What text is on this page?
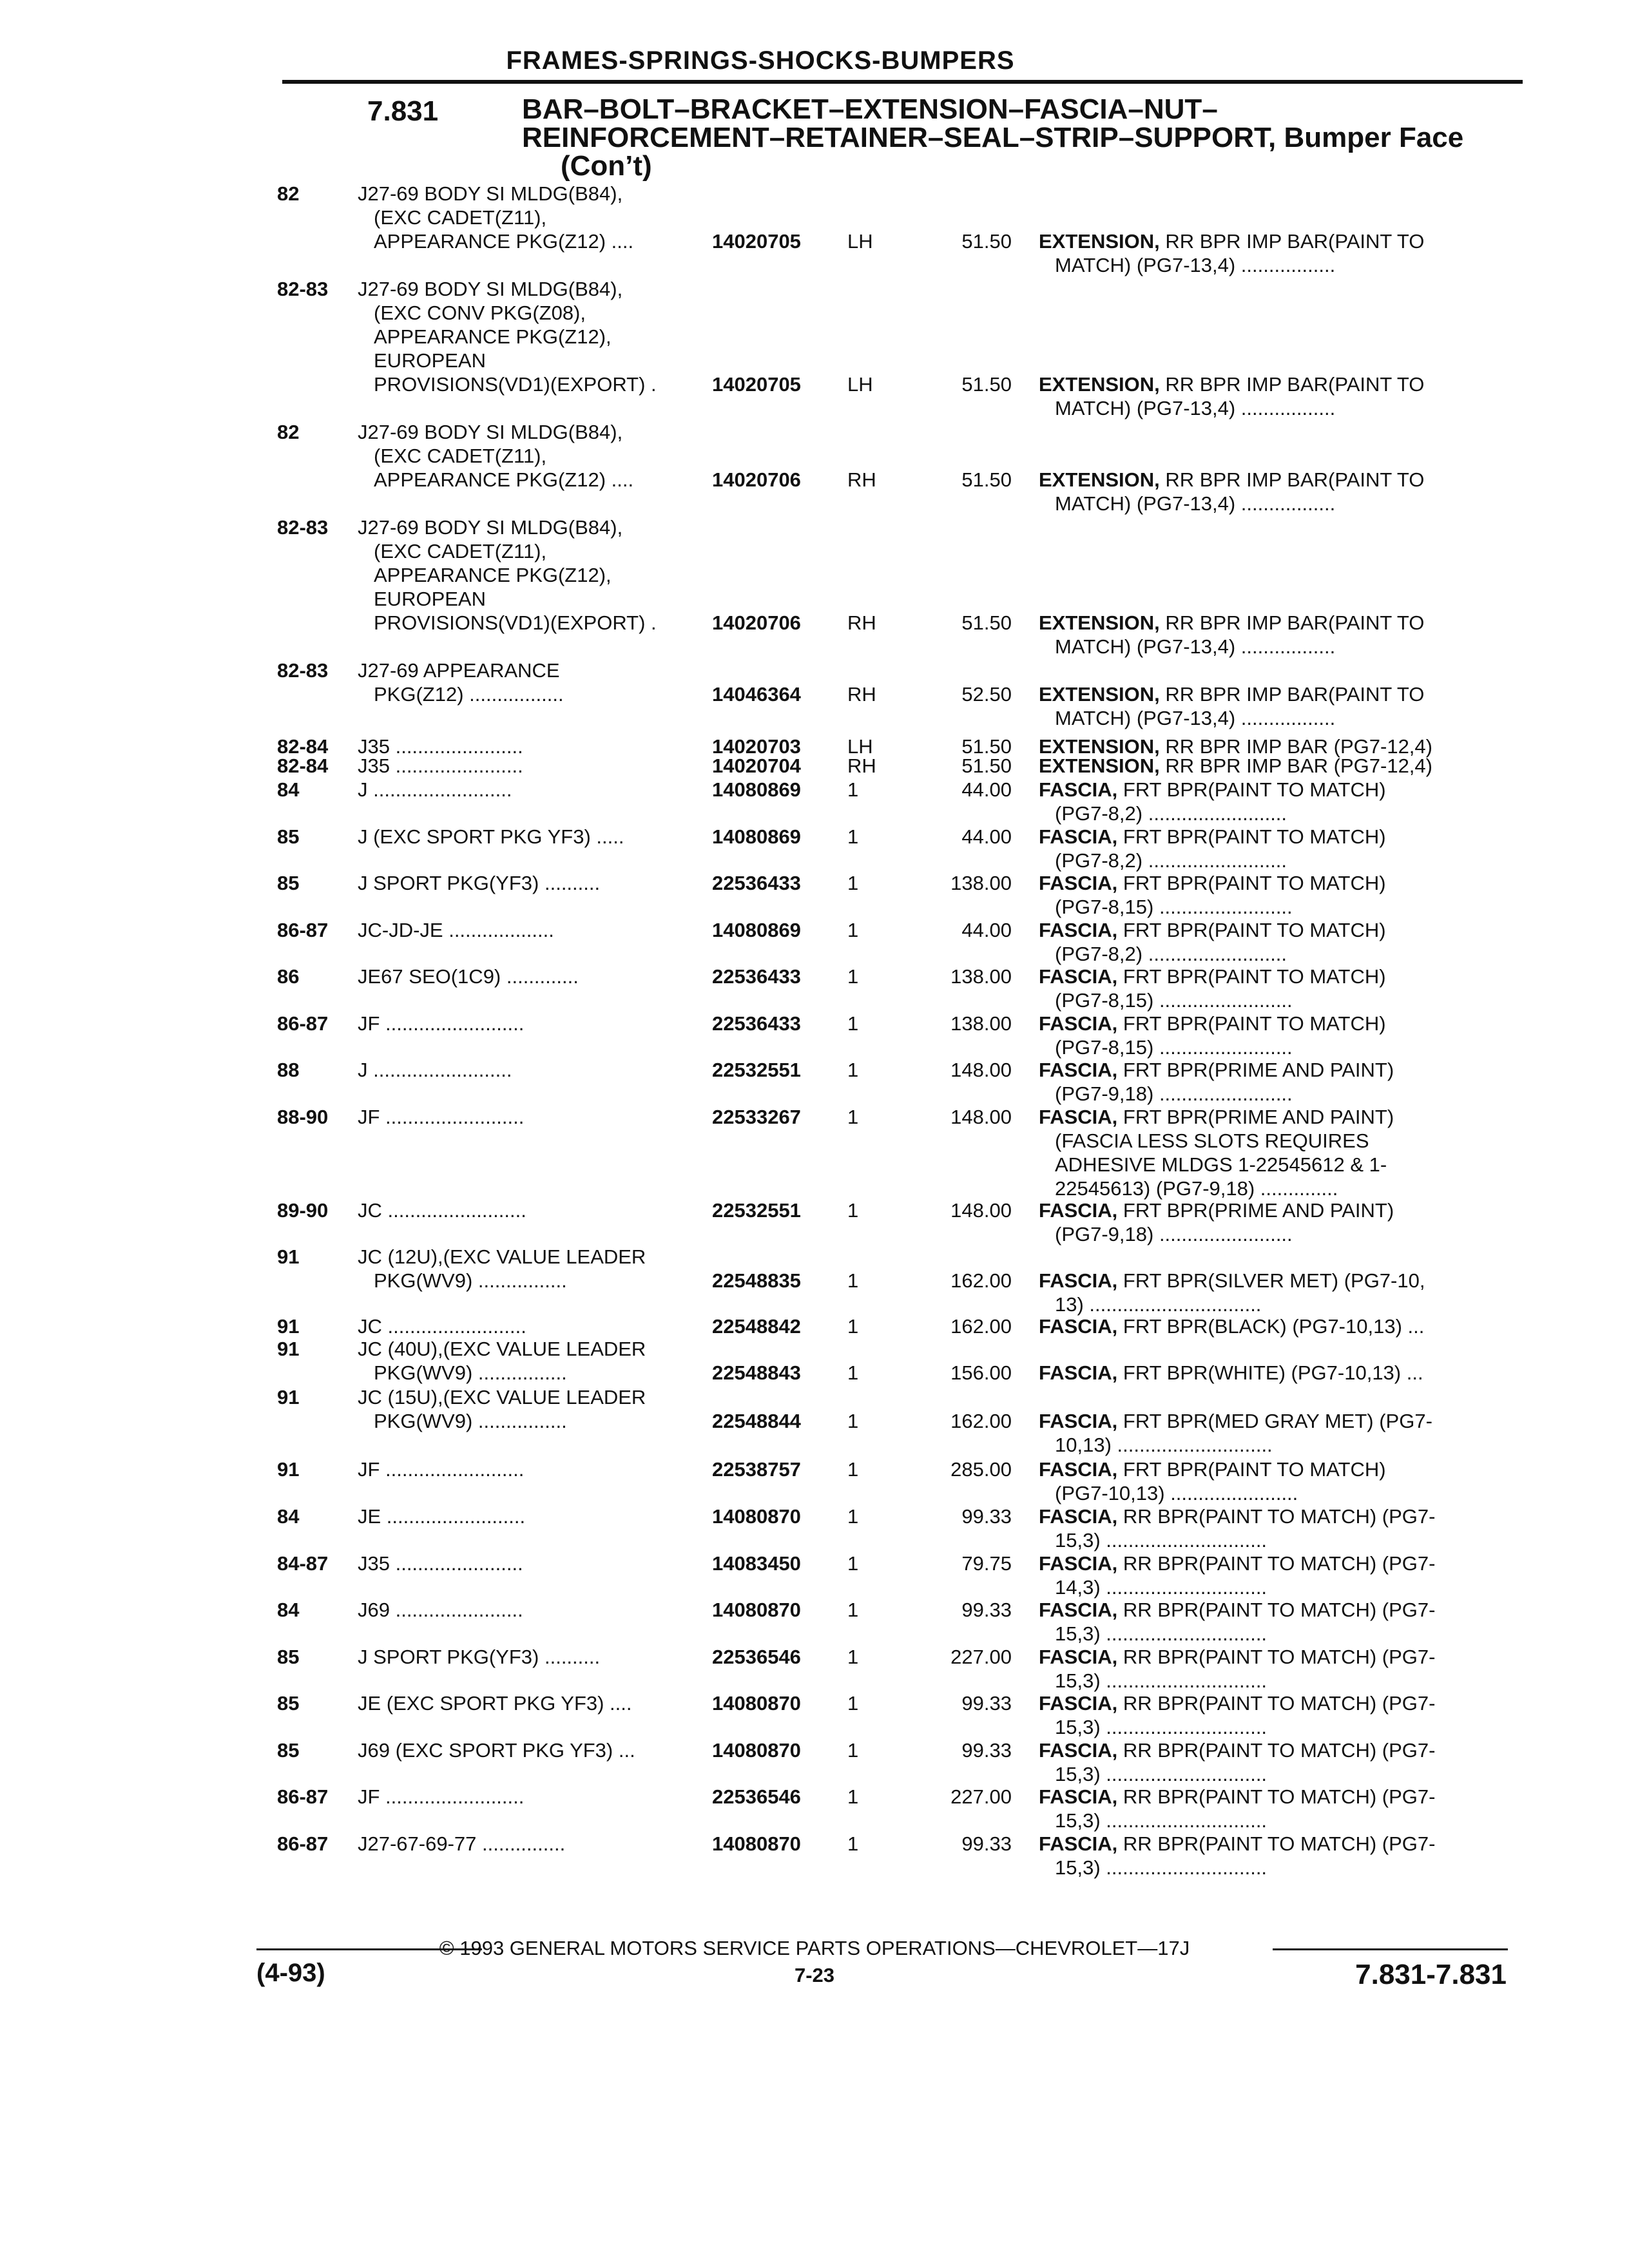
FRAMES-SPRINGS-SHOCKS-BUMPERS
7.831	BAR–BOLT–BRACKET–EXTENSION–FASCIA–NUT–
REINFORCEMENT–RETAINER–SEAL–STRIP–SUPPORT, Bumper Face
(Con’t)
82	J27-69 BODY SI MLDG(B84),
(EXC CADET(Z11),
APPEARANCE PKG(Z12) ....	14020705 LH	51.50 EXTENSION, RR BPR IMP BAR(PAINT TO
MATCH) (PG7-13,4) .................
82-83 J27-69 BODY SI MLDG(B84),
(EXC CONV PKG(Z08),
APPEARANCE PKG(Z12),
EUROPEAN
PROVISIONS(VD1)(EXPORT) .	14020705 LH	51.50 EXTENSION, RR BPR IMP BAR(PAINT TO
MATCH) (PG7-13,4) .................
82	J27-69 BODY SI MLDG(B84),
(EXC CADET(Z11),
APPEARANCE PKG(Z12) ....	14020706 RH	51.50 EXTENSION, RR BPR IMP BAR(PAINT TO
MATCH) (PG7-13,4) .................
82-83 J27-69 BODY SI MLDG(B84),
(EXC CADET(Z11),
APPEARANCE PKG(Z12),
EUROPEAN
PROVISIONS(VD1)(EXPORT) .	14020706 RH	51.50 EXTENSION, RR BPR IMP BAR(PAINT TO
MATCH) (PG7-13,4) .................
82-83 J27-69 APPEARANCE
PKG(Z12) .................	14046364 RH	52.50 EXTENSION, RR BPR IMP BAR(PAINT TO
MATCH) (PG7-13,4) .................
82-84 J35 .......................	14020703 LH	51.50 EXTENSION, RR BPR IMP BAR (PG7-12,4)
82-84 J35 .......................	14020704 RH	51.50 EXTENSION, RR BPR IMP BAR (PG7-12,4)
84	J .........................	14080869 1	44.00 FASCIA, FRT BPR(PAINT TO MATCH)
(PG7-8,2) .........................
85	J (EXC SPORT PKG YF3) .....	14080869 1	44.00 FASCIA, FRT BPR(PAINT TO MATCH)
(PG7-8,2) .........................
85	J SPORT PKG(YF3) ..........	22536433 1	138.00 FASCIA, FRT BPR(PAINT TO MATCH)
(PG7-8,15) ........................
86-87 JC-JD-JE ...................	14080869 1	44.00 FASCIA, FRT BPR(PAINT TO MATCH)
(PG7-8,2) .........................
86	JE67 SEO(1C9) .............	22536433 1	138.00 FASCIA, FRT BPR(PAINT TO MATCH)
(PG7-8,15) ........................
86-87 JF .........................	22536433 1	138.00 FASCIA, FRT BPR(PAINT TO MATCH)
(PG7-8,15) ........................
88	J .........................	22532551 1	148.00 FASCIA, FRT BPR(PRIME AND PAINT)
(PG7-9,18) ........................
88-90 JF .........................	22533267 1	148.00 FASCIA, FRT BPR(PRIME AND PAINT)
(FASCIA LESS SLOTS REQUIRES
ADHESIVE MLDGS 1-22545612 & 1-
22545613) (PG7-9,18) ..............
89-90 JC .........................	22532551 1	148.00 FASCIA, FRT BPR(PRIME AND PAINT)
(PG7-9,18) ........................
91	JC (12U),(EXC VALUE LEADER
PKG(WV9) ................	22548835 1	162.00 FASCIA, FRT BPR(SILVER MET) (PG7-10,
13) ...............................
91	JC .........................	22548842 1	162.00 FASCIA, FRT BPR(BLACK) (PG7-10,13) ...
91	JC (40U),(EXC VALUE LEADER
PKG(WV9) ................	22548843 1	156.00 FASCIA, FRT BPR(WHITE) (PG7-10,13) ...
91	JC (15U),(EXC VALUE LEADER
PKG(WV9) ................	22548844 1	162.00 FASCIA, FRT BPR(MED GRAY MET) (PG7-
10,13) ............................
91	JF .........................	22538757 1	285.00 FASCIA, FRT BPR(PAINT TO MATCH)
(PG7-10,13) .......................
84	JE .........................	14080870 1	99.33 FASCIA, RR BPR(PAINT TO MATCH) (PG7-
15,3) .............................
84-87 J35 .......................	14083450 1	79.75 FASCIA, RR BPR(PAINT TO MATCH) (PG7-
14,3) .............................
84	J69 .......................	14080870 1	99.33 FASCIA, RR BPR(PAINT TO MATCH) (PG7-
15,3) .............................
85	J SPORT PKG(YF3) ..........	22536546 1	227.00 FASCIA, RR BPR(PAINT TO MATCH) (PG7-
15,3) .............................
85	JE (EXC SPORT PKG YF3) ....	14080870 1	99.33 FASCIA, RR BPR(PAINT TO MATCH) (PG7-
15,3) .............................
85	J69 (EXC SPORT PKG YF3) ...	14080870 1	99.33 FASCIA, RR BPR(PAINT TO MATCH) (PG7-
15,3) .............................
86-87 JF .........................	22536546 1	227.00 FASCIA, RR BPR(PAINT TO MATCH) (PG7-
15,3) .............................
86-87 J27-67-69-77 ...............	14080870 1	99.33 FASCIA, RR BPR(PAINT TO MATCH) (PG7-
15,3) .............................
© 1993 GENERAL MOTORS SERVICE PARTS OPERATIONS—CHEVROLET—17J
(4-93)	7-23	7.831-7.831
